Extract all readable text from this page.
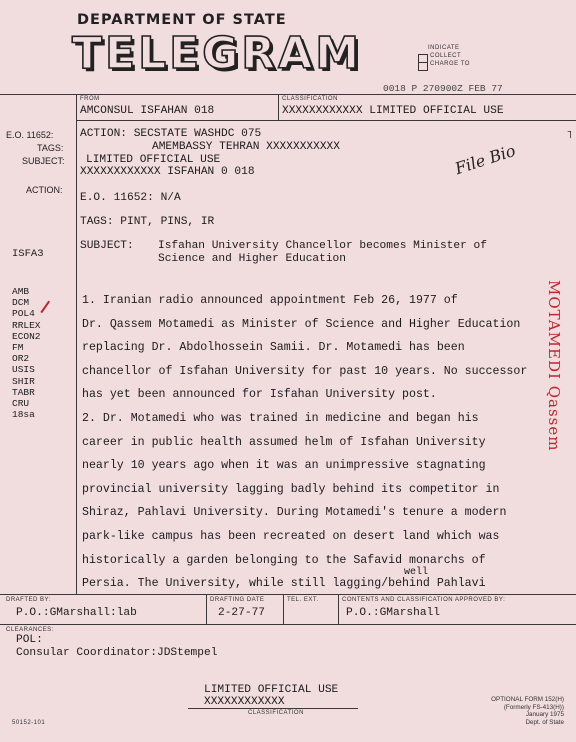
DEPARTMENT OF STATE
TELEGRAM	INDICATE
COLLECT
CHARGE TO
0018 P 270900Z FEB 77
FROM
AMCONSUL ISFAHAN 018
CLASSIFICATION
XXXXXXXXXXXX LIMITED OFFICIAL USE
E.O. 11652:
TAGS:
SUBJECT:
ACTION:
ACTION: SECSTATE WASHDC 075
AMEMBASSY TEHRAN XXXXXXXXXXX
LIMITED OFFICIAL USE
XXXXXXXXXXXX ISFAHAN 0 018
˥
File Bio
E.O. 11652: N/A
TAGS: PINT, PINS, IR
SUBJECT: Isfahan University Chancellor becomes Minister of
Science and Higher Education
ISFA3
AMB
DCM
POL4
RRLEX
ECON2
FM
OR2
USIS
SHIR
TABR
CRU
18sa
1. Iranian radio announced appointment Feb 26, 1977 of
Dr. Qassem Motamedi as Minister of Science and Higher Education
replacing Dr. Abdolhossein Samii. Dr. Motamedi has been
chancellor of Isfahan University for past 10 years. No successor
has yet been announced for Isfahan University post.
2. Dr. Motamedi who was trained in medicine and began his
career in public health assumed helm of Isfahan University
nearly 10 years ago when it was an unimpressive stagnating
provincial university lagging badly behind its competitor in
Shiraz, Pahlavi University. During Motamedi's tenure a modern
park-like campus has been recreated on desert land which was
historically a garden belonging to the Safavid monarchs of
Persia. The University, while still lagging/behind Pahlavi
well
MOTAMEDI Qassem
DRAFTED BY:
P.O.:GMarshall:lab
DRAFTING DATE
2-27-77
TEL. EXT.	CONTENTS AND CLASSIFICATION APPROVED BY:
P.O.:GMarshall
CLEARANCES:
POL:
Consular Coordinator:JDStempel
LIMITED OFFICIAL USE
XXXXXXXXXXXX
CLASSIFICATION
50152-101
OPTIONAL FORM 152(H)
(Formerly FS-413(H))
January 1975
Dept. of State
